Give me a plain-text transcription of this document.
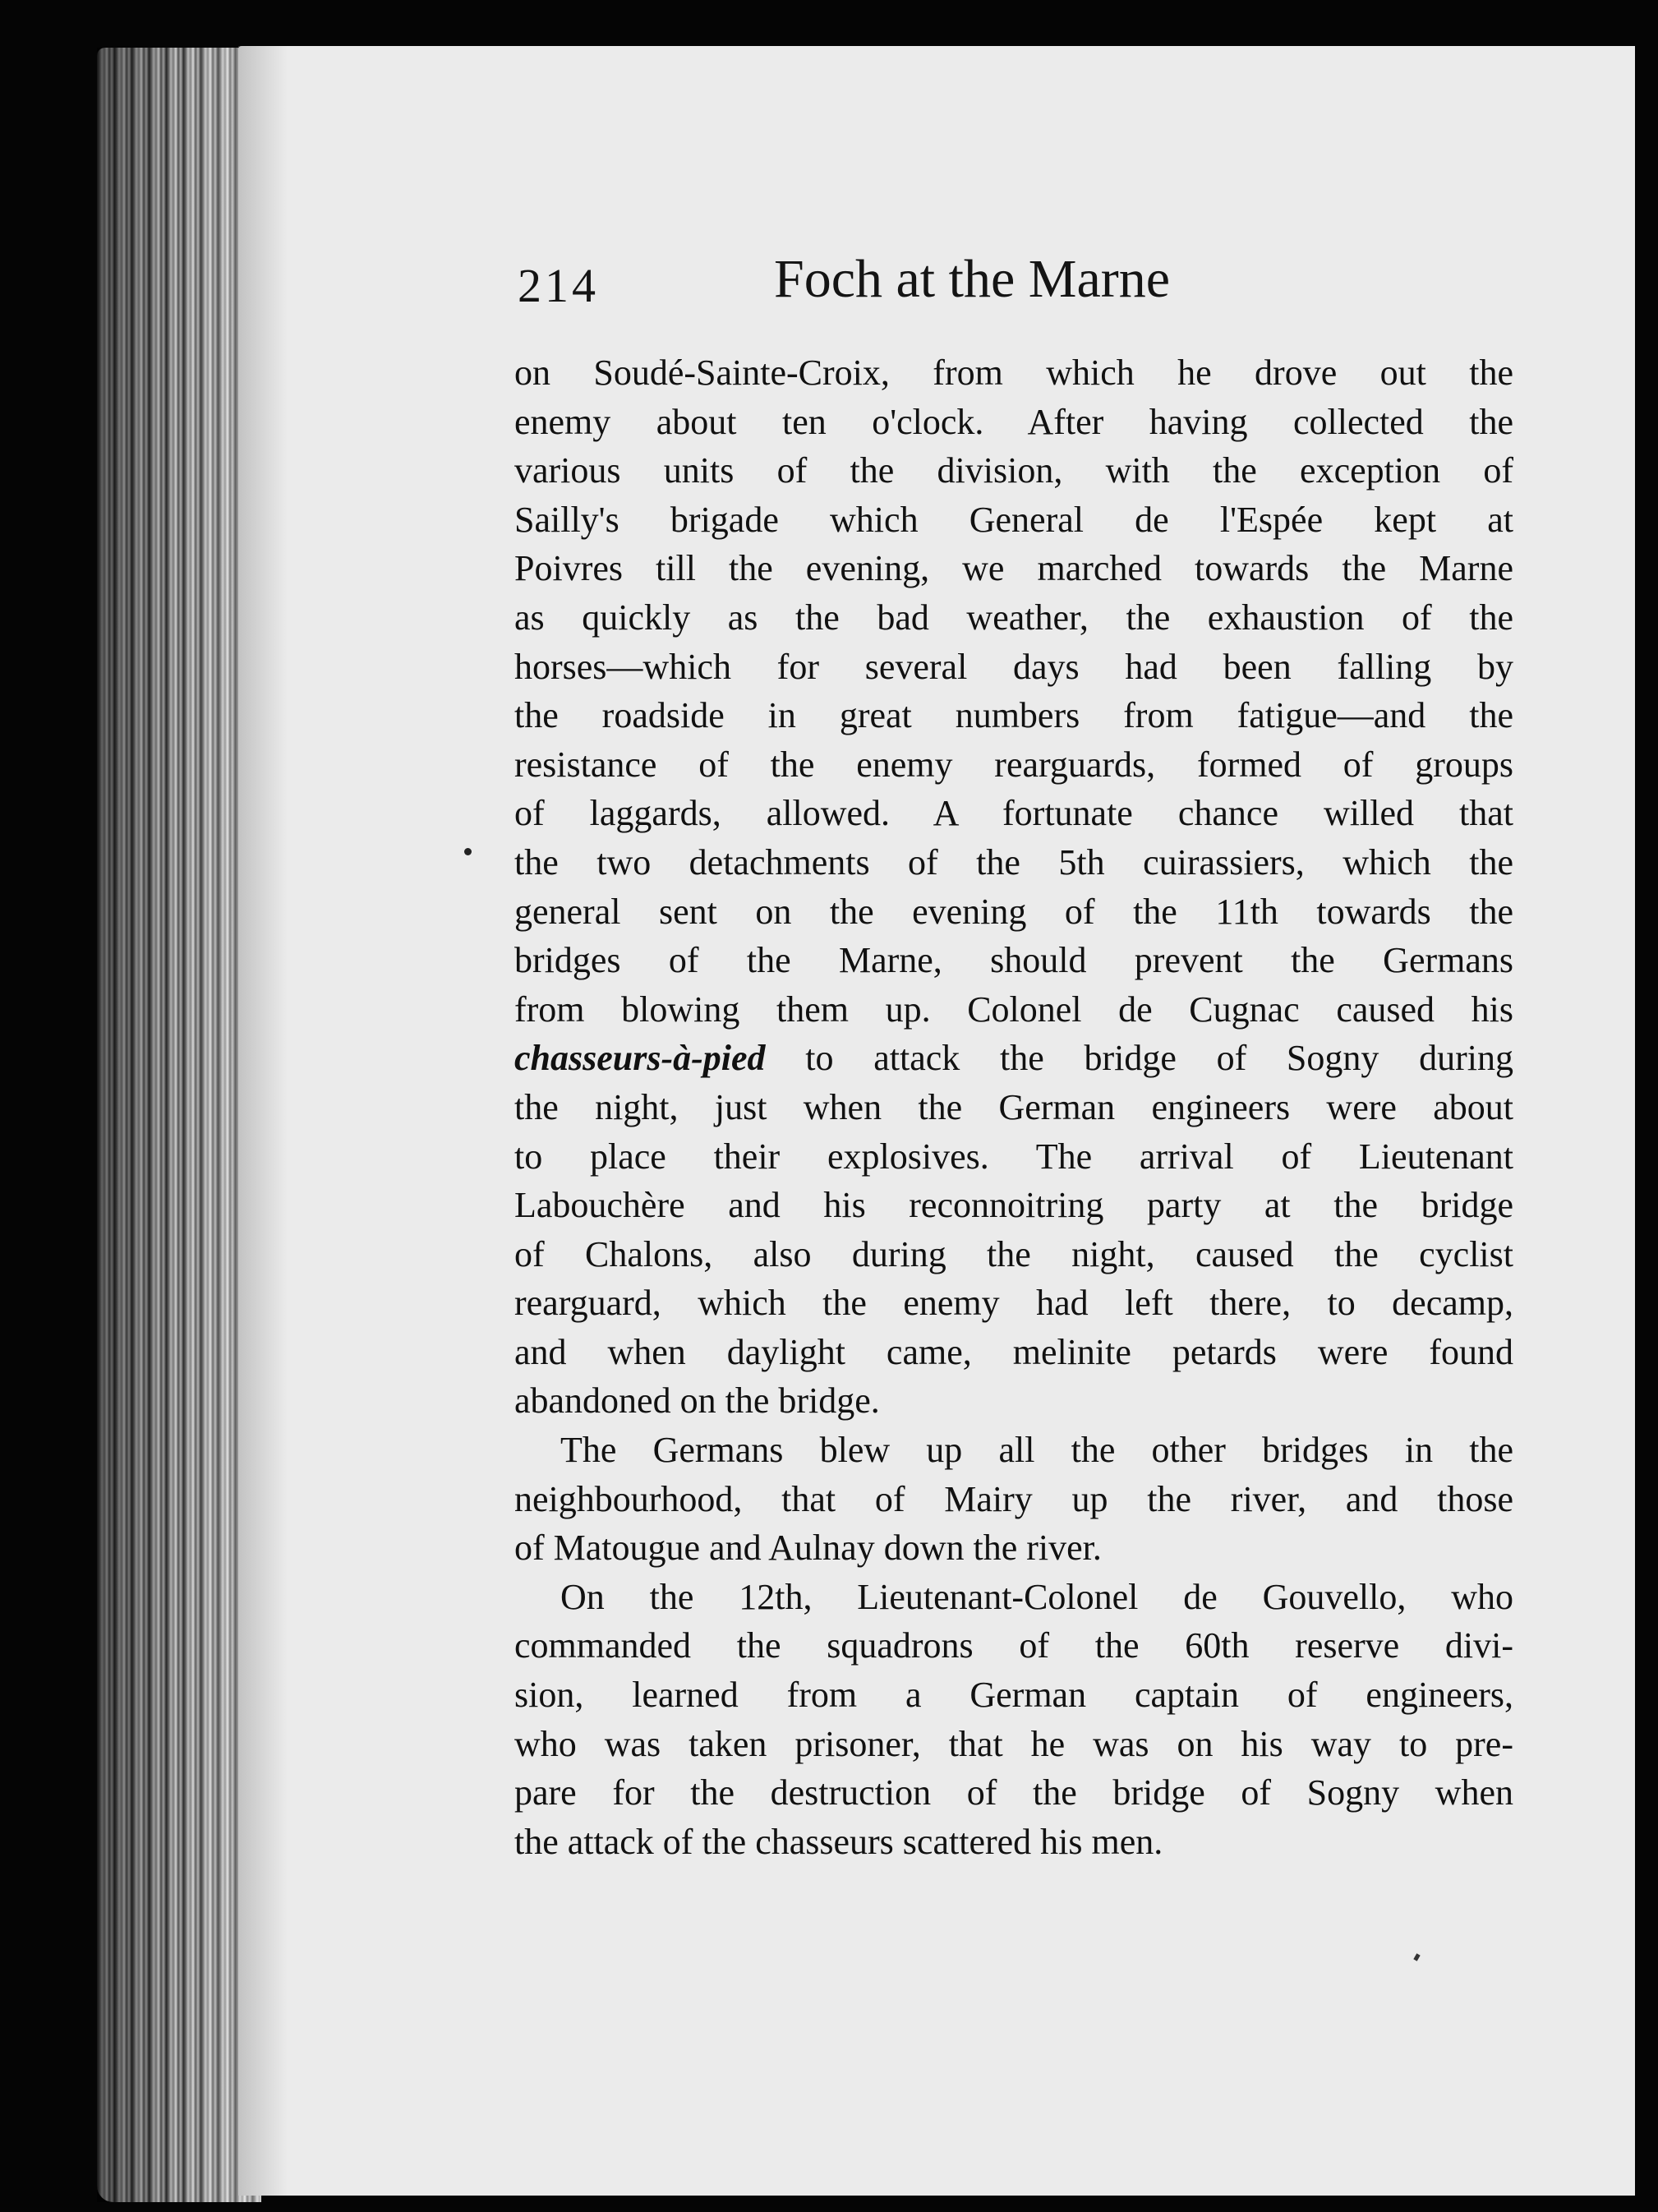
214	Foch at the Marne
on Soudé-Sainte-Croix, from which he drove out the
enemy about ten o'clock. After having collected the
various units of the division, with the exception of
Sailly's brigade which General de l'Espée kept at
Poivres till the evening, we marched towards the Marne
as quickly as the bad weather, the exhaustion of the
horses—which for several days had been falling by
the roadside in great numbers from fatigue—and the
resistance of the enemy rearguards, formed of groups
of laggards, allowed. A fortunate chance willed that
the two detachments of the 5th cuirassiers, which the
general sent on the evening of the 11th towards the
bridges of the Marne, should prevent the Germans
from blowing them up. Colonel de Cugnac caused his
chasseurs-à-pied to attack the bridge of Sogny during
the night, just when the German engineers were about
to place their explosives. The arrival of Lieutenant
Labouchère and his reconnoitring party at the bridge
of Chalons, also during the night, caused the cyclist
rearguard, which the enemy had left there, to decamp,
and when daylight came, melinite petards were found
abandoned on the bridge.
The Germans blew up all the other bridges in the
neighbourhood, that of Mairy up the river, and those
of Matougue and Aulnay down the river.
On the 12th, Lieutenant-Colonel de Gouvello, who
commanded the squadrons of the 60th reserve divi-
sion, learned from a German captain of engineers,
who was taken prisoner, that he was on his way to pre-
pare for the destruction of the bridge of Sogny when
the attack of the chasseurs scattered his men.
